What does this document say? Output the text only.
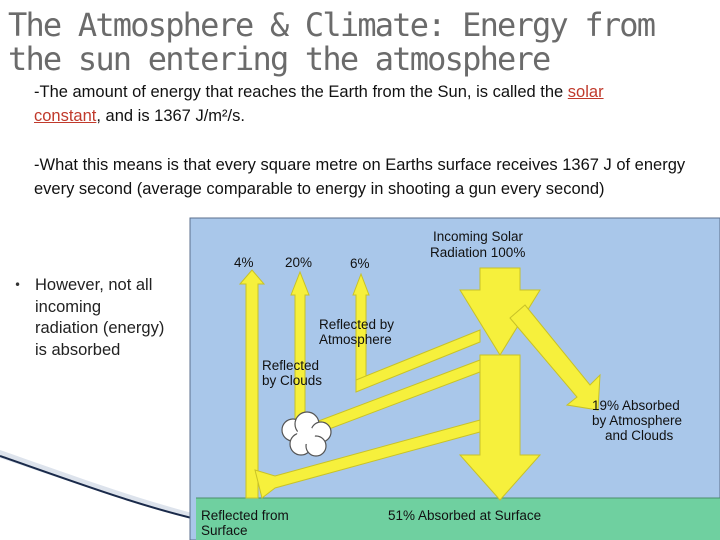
The Atmosphere & Climate: Energy from the sun entering the atmosphere

-The amount of energy that reaches the Earth from the Sun, is called the solar constant, and is 1367 J/m²/s.

-What this means is that every square metre on Earths surface receives 1367 J of energy every second (average comparable to energy in shooting a gun every second)

• However, not all incoming radiation (energy) is absorbed
Incoming Solar
Radiation 100%
4% 20%	6%
Reflected by
Atmosphere
Reflected
by Clouds
19% Absorbed
by Atmosphere
and Clouds
Reflected from
Surface
51% Absorbed at Surface
